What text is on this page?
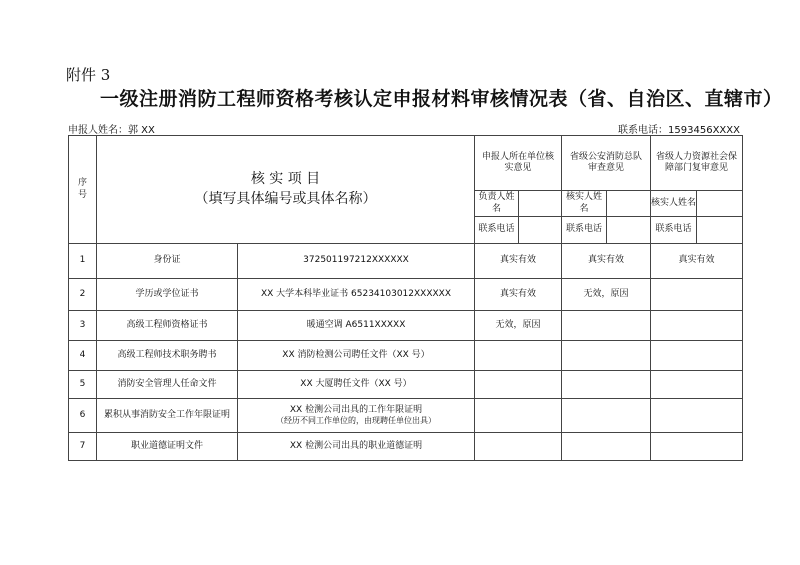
附件 3
一级注册消防工程师资格考核认定申报材料审核情况表（省、自治区、直辖市）
申报人姓名：郭 XX	联系电话：1593456XXXX
序号	核 实 项 目
（填写具体编号或具体名称）		申报人所在单位核实意见		省级公安消防总队审查意见		省级人力资源社会保障部门复审意见	
			负责人姓名		核实人姓名		核实人姓名	
			联系电话		联系电话		联系电话	
1	身份证	372501197212XXXXXX	真实有效		真实有效		真实有效	
2	学历或学位证书	XX 大学本科毕业证书 65234103012XXXXXX	真实有效		无效，原因			
3	高级工程师资格证书	暖通空调 A6511XXXXX	无效，原因					
4	高级工程师技术职务聘书	XX 消防检测公司聘任文件（XX 号）						

5	消防安全管理人任命文件	XX 大厦聘任文件（XX 号）						

6	累积从事消防安全工作年限证明	XX 检测公司出具的工作年限证明
（经历不同工作单位的，由现聘任单位出具）						

7	职业道德证明文件	XX 检测公司出具的职业道德证明						
